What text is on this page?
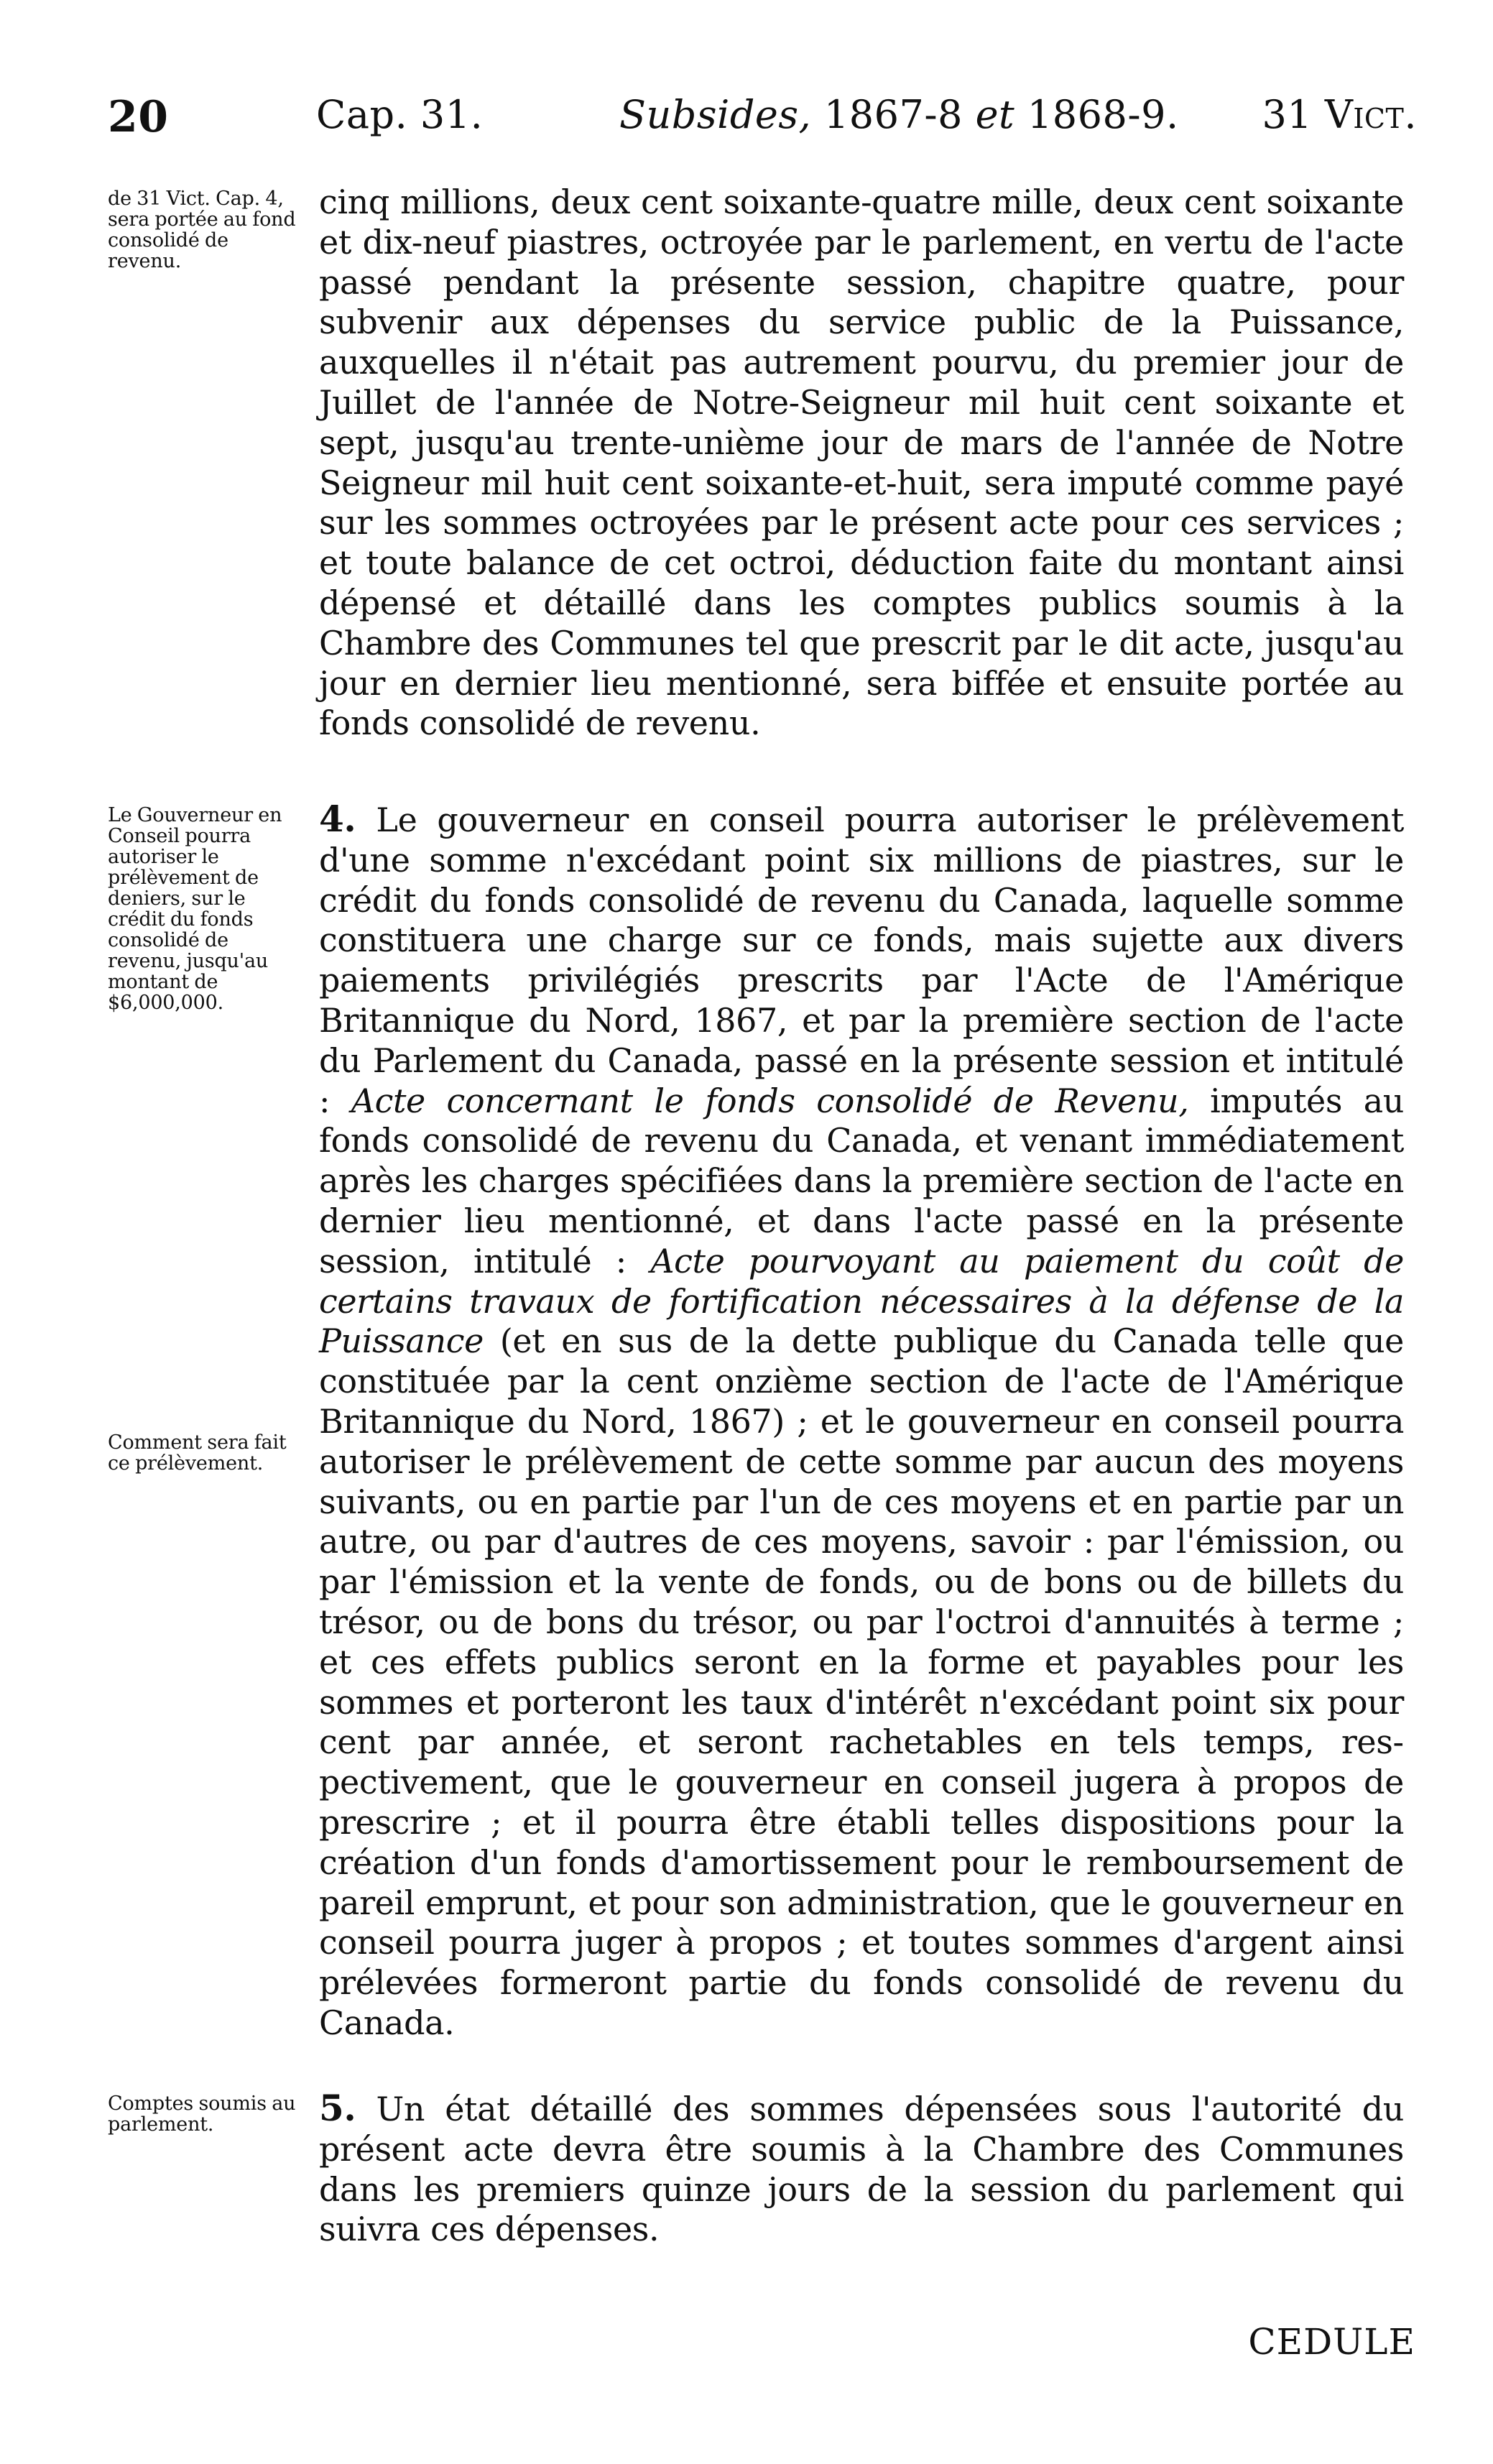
20	Cap. 31.	Subsides, 1867-8 et 1868-9. 31 Vict.
de 31 Vict. Cap. 4, sera portée au fond consolidé de revenu.
Le Gouverneur en Conseil pourra autoriser le prélèvement de deniers, sur le crédit du fonds consolidé de revenu, jusqu'au montant de $6,000,000.
Comment sera fait ce prélèvement.
Comptes soumis au parlement.
cinq millions, deux cent soixante-quatre mille, deux cent soixante et dix-neuf piastres, octroyée par le parlement, en vertu de l'acte passé pendant la présente session, chapitre quatre, pour subvenir aux dépenses du service public de la Puissance, auxquelles il n'était pas autrement pourvu, du premier jour de Juillet de l'année de Notre-Seigneur mil huit cent soixante et sept, jusqu'au trente-unième jour de mars de l'année de Notre Seigneur mil huit cent soixante-et-huit, sera imputé comme payé sur les sommes octroyées par le présent acte pour ces services ; et toute balance de cet octroi, déduction faite du montant ainsi dépensé et détaillé dans les comptes publics soumis à la Chambre des Communes tel que prescrit par le dit acte, jusqu'au jour en dernier lieu mentionné, sera biffée et ensuite portée au fonds consolidé de revenu.
4. Le gouverneur en conseil pourra autoriser le prélèvement d'une somme n'excédant point six millions de piastres, sur le crédit du fonds consolidé de revenu du Canada, laquelle somme constituera une charge sur ce fonds, mais sujette aux divers paiements privilégiés prescrits par l'Acte de l'Amérique Britannique du Nord, 1867, et par la première section de l'acte du Parlement du Canada, passé en la présente session et intitulé : Acte concernant le fonds consolidé de Revenu, imputés au fonds consolidé de revenu du Canada, et venant immédiatement après les charges spécifiées dans la première section de l'acte en dernier lieu mentionné, et dans l'acte passé en la présente session, intitulé : Acte pourvoyant au paiement du coût de certains travaux de fortification nécessaires à la défense de la Puissance (et en sus de la dette publique du Canada telle que constituée par la cent onzième section de l'acte de l'Amérique Britannique du Nord, 1867) ; et le gouverneur en conseil pourra autoriser le prélèvement de cette somme par aucun des moyens suivants, ou en partie par l'un de ces moyens et en partie par un autre, ou par d'autres de ces moyens, savoir : par l'émission, ou par l'émission et la vente de fonds, ou de bons ou de billets du trésor, ou de bons du trésor, ou par l'octroi d'annuités à terme ; et ces effets publics seront en la forme et payables pour les sommes et porteront les taux d'intérêt n'excédant point six pour cent par année, et seront rachetables en tels temps, respectivement, que le gouverneur en conseil jugera à propos de prescrire ; et il pourra être établi telles dispositions pour la création d'un fonds d'amortissement pour le remboursement de pareil emprunt, et pour son administration, que le gouverneur en conseil pourra juger à propos ; et toutes sommes d'argent ainsi prélevées formeront partie du fonds consolidé de revenu du Canada.
5. Un état détaillé des sommes dépensées sous l'autorité du présent acte devra être soumis à la Chambre des Communes dans les premiers quinze jours de la session du parlement qui suivra ces dépenses.
CEDULE
